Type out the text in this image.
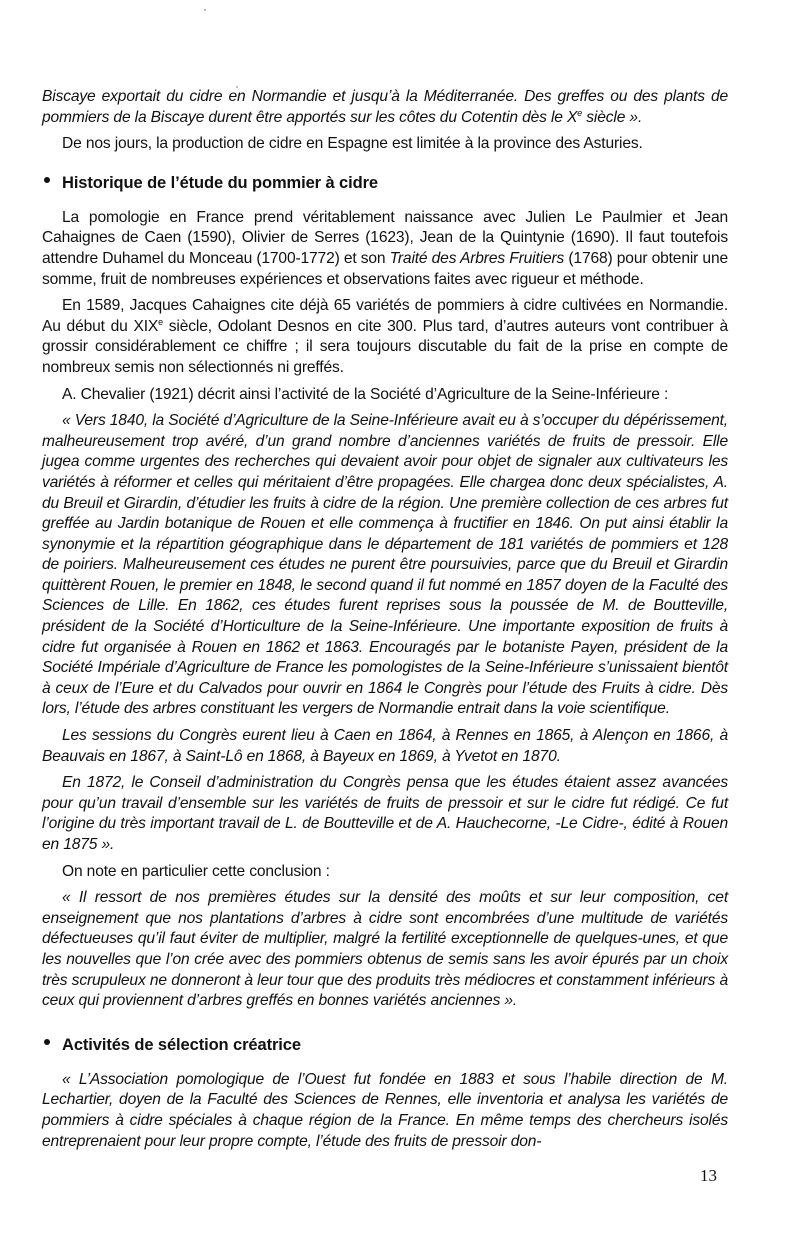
Biscaye exportait du cidre en Normandie et jusqu’à la Méditerranée. Des greffes ou des plants de pommiers de la Biscaye durent être apportés sur les côtes du Cotentin dès le Xe siècle ».

De nos jours, la production de cidre en Espagne est limitée à la province des Asturies.

Historique de l’étude du pommier à cidre

La pomologie en France prend véritablement naissance avec Julien Le Paulmier et Jean Cahaignes de Caen (1590), Olivier de Serres (1623), Jean de la Quintynie (1690). Il faut toutefois attendre Duhamel du Monceau (1700-1772) et son Traité des Arbres Fruitiers (1768) pour obtenir une somme, fruit de nombreuses expériences et observations faites avec rigueur et méthode.

En 1589, Jacques Cahaignes cite déjà 65 variétés de pommiers à cidre cultivées en Normandie. Au début du XIXe siècle, Odolant Desnos en cite 300. Plus tard, d’autres auteurs vont contribuer à grossir considérablement ce chiffre ; il sera toujours discutable du fait de la prise en compte de nombreux semis non sélectionnés ni greffés.

A. Chevalier (1921) décrit ainsi l’activité de la Société d’Agriculture de la Seine-Inférieure :

« Vers 1840, la Société d’Agriculture de la Seine-Inférieure avait eu à s’occuper du dépérissement, malheureusement trop avéré, d’un grand nombre d’anciennes variétés de fruits de pressoir. Elle jugea comme urgentes des recherches qui devaient avoir pour objet de signaler aux cultivateurs les variétés à réformer et celles qui méritaient d’être propagées. Elle chargea donc deux spécialistes, A. du Breuil et Girardin, d’étudier les fruits à cidre de la région. Une première collection de ces arbres fut greffée au Jardin botanique de Rouen et elle commença à fructifier en 1846. On put ainsi établir la synonymie et la répartition géographique dans le département de 181 variétés de pommiers et 128 de poiriers. Malheureusement ces études ne purent être poursuivies, parce que du Breuil et Girardin quittèrent Rouen, le premier en 1848, le second quand il fut nommé en 1857 doyen de la Faculté des Sciences de Lille. En 1862, ces études furent reprises sous la poussée de M. de Boutteville, président de la Société d’Horticulture de la Seine-Inférieure. Une importante exposition de fruits à cidre fut organisée à Rouen en 1862 et 1863. Encouragés par le botaniste Payen, président de la Société Impériale d’Agriculture de France les pomologistes de la Seine-Inférieure s’unissaient bientôt à ceux de l’Eure et du Calvados pour ouvrir en 1864 le Congrès pour l’étude des Fruits à cidre. Dès lors, l’étude des arbres constituant les vergers de Normandie entrait dans la voie scientifique.

Les sessions du Congrès eurent lieu à Caen en 1864, à Rennes en 1865, à Alençon en 1866, à Beauvais en 1867, à Saint-Lô en 1868, à Bayeux en 1869, à Yvetot en 1870.

En 1872, le Conseil d’administration du Congrès pensa que les études étaient assez avancées pour qu’un travail d’ensemble sur les variétés de fruits de pressoir et sur le cidre fut rédigé. Ce fut l’origine du très important travail de L. de Boutteville et de A. Hauchecorne, -Le Cidre-, édité à Rouen en 1875 ».

On note en particulier cette conclusion :

« Il ressort de nos premières études sur la densité des moûts et sur leur composition, cet enseignement que nos plantations d’arbres à cidre sont encombrées d’une multitude de variétés défectueuses qu’il faut éviter de multiplier, malgré la fertilité exceptionnelle de quelques-unes, et que les nouvelles que l’on crée avec des pommiers obtenus de semis sans les avoir épurés par un choix très scrupuleux ne donneront à leur tour que des produits très médiocres et constamment inférieurs à ceux qui proviennent d’arbres greffés en bonnes variétés anciennes ».

Activités de sélection créatrice

« L’Association pomologique de l’Ouest fut fondée en 1883 et sous l’habile direction de M. Lechartier, doyen de la Faculté des Sciences de Rennes, elle inventoria et analysa les variétés de pommiers à cidre spéciales à chaque région de la France. En même temps des chercheurs isolés entreprenaient pour leur propre compte, l’étude des fruits de pressoir don-

13
